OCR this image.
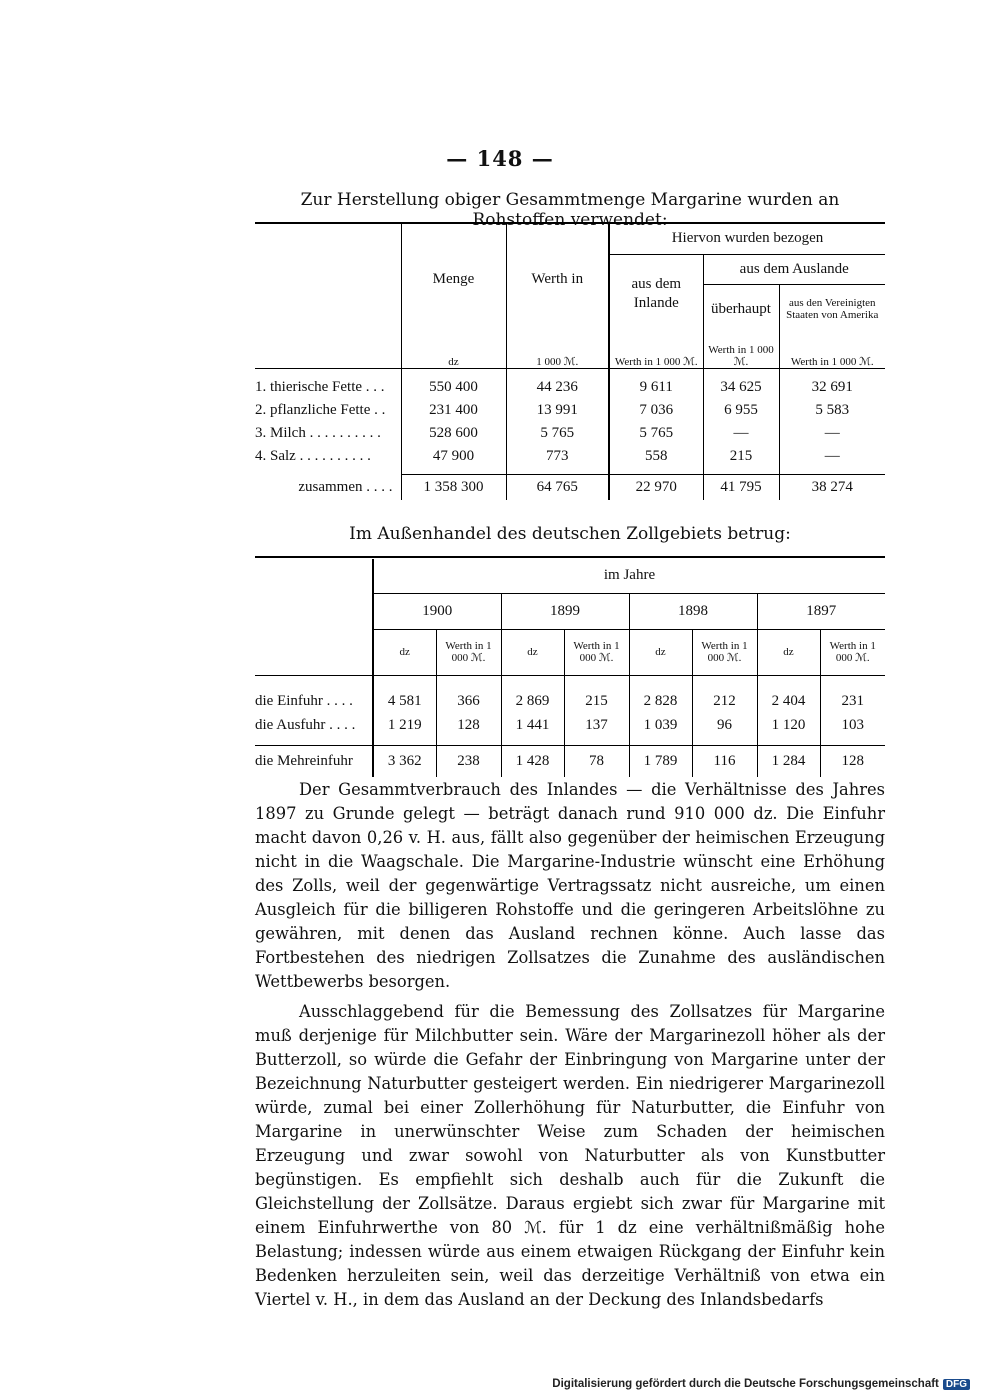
— 148 —
Zur Herstellung obiger Gesammtmenge Margarine wurden an Rohstoffen verwendet:

	Menge	Werth in	Hiervon wurden bezogen		
			aus dem Inlande	aus dem Auslande	
				überhaupt	aus den Vereinigten Staaten von Amerika
	dz	1 000 ℳ.	Werth in 1 000 ℳ.	Werth in 1 000 ℳ.	Werth in 1 000 ℳ.

1. thierische Fette . . .	550 400	44 236	9 611	34 625	32 691
2. pflanzliche Fette . .	231 400	13 991	7 036	6 955	5 583
3. Milch . . . . . . . . . .	528 600	5 765	5 765	—	—
4. Salz . . . . . . . . . .	47 900	773	558	215	—

zusammen . . . .	1 358 300	64 765	22 970	41 795	38 274
Im Außenhandel des deutschen Zollgebiets betrug:

	im Jahre							
	1900		1899		1898		1897	
	dz	Werth in 1 000 ℳ.	dz	Werth in 1 000 ℳ.	dz	Werth in 1 000 ℳ.	dz	Werth in 1 000 ℳ.

die Einfuhr . . . .	4 581	366	2 869	215	2 828	212	2 404	231
die Ausfuhr . . . .	1 219	128	1 441	137	1 039	96	1 120	103

die Mehreinfuhr	3 362	238	1 428	78	1 789	116	1 284	128

Der Gesammtverbrauch des Inlandes — die Verhältnisse des Jahres 1897 zu Grunde gelegt — beträgt danach rund 910 000 dz. Die Einfuhr macht davon 0,26 v. H. aus, fällt also gegenüber der heimischen Erzeugung nicht in die Waagschale. Die Margarine-Industrie wünscht eine Erhöhung des Zolls, weil der gegenwärtige Vertragssatz nicht ausreiche, um einen Ausgleich für die billigeren Rohstoffe und die geringeren Arbeitslöhne zu gewähren, mit denen das Ausland rechnen könne. Auch lasse das Fortbestehen des niedrigen Zollsatzes die Zunahme des ausländischen Wettbewerbs besorgen.

Ausschlaggebend für die Bemessung des Zollsatzes für Margarine muß derjenige für Milchbutter sein. Wäre der Margarinezoll höher als der Butterzoll, so würde die Gefahr der Einbringung von Margarine unter der Bezeichnung Naturbutter gesteigert werden. Ein niedrigerer Margarinezoll würde, zumal bei einer Zollerhöhung für Naturbutter, die Einfuhr von Margarine in unerwünschter Weise zum Schaden der heimischen Erzeugung und zwar sowohl von Naturbutter als von Kunstbutter begünstigen. Es empfiehlt sich deshalb auch für die Zukunft die Gleichstellung der Zollsätze. Daraus ergiebt sich zwar für Margarine mit einem Einfuhrwerthe von 80 ℳ. für 1 dz eine verhältnißmäßig hohe Belastung; indessen würde aus einem etwaigen Rückgang der Einfuhr kein Bedenken herzuleiten sein, weil das derzeitige Verhältniß von etwa ein Viertel v. H., in dem das Ausland an der Deckung des Inlandsbedarfs

Digitalisierung gefördert durch die Deutsche Forschungsgemeinschaft DFG
